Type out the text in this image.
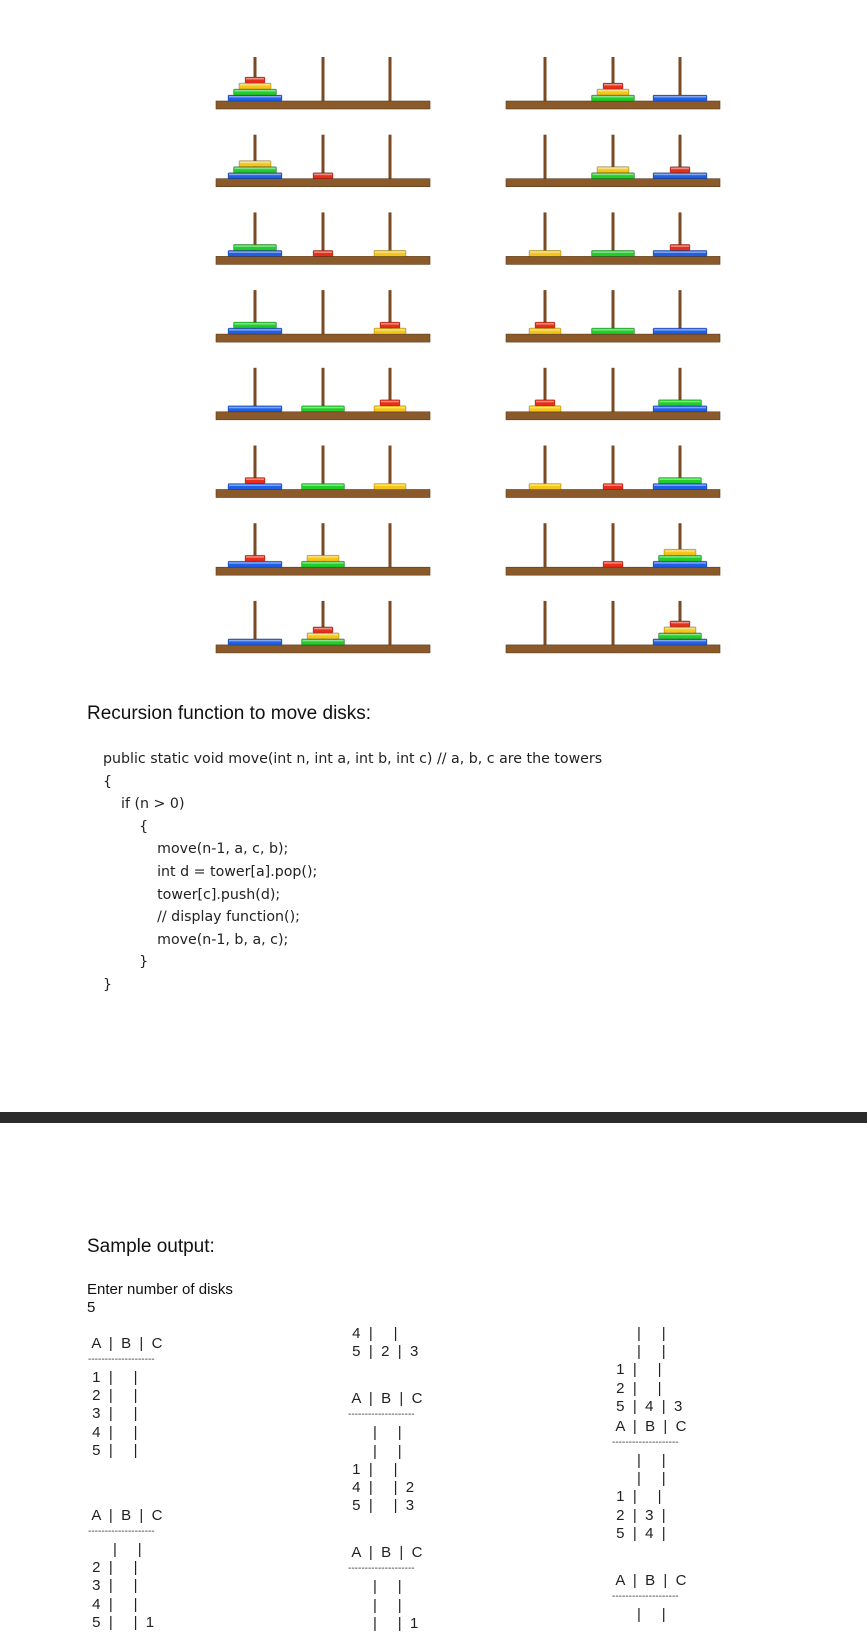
Recursion function to move disks:
public static void move(int n, int a, int b, int c) // a, b, c are the towers
{
if (n > 0)
{
move(n-1, a, c, b);
int d = tower[a].pop();
tower[c].push(d);
// display function();
move(n-1, b, a, c);
}
}
Sample output:
Enter number of disks
5
A  |  B  |  C
--------------------
1  |     |
2  |     |
3  |     |
4  |     |
5  |     |
A  |  B  |  C
--------------------
|     |
2  |     |
3  |     |
4  |     |
5  |     |  1
4  |     |
5  |  2  |  3
A  |  B  |  C
--------------------
|     |
|     |
1  |     |
4  |     |  2
5  |     |  3
A  |  B  |  C
--------------------
|     |
|     |
|     |  1
|     |
|     |
1  |     |
2  |     |
5  |  4  |  3
A  |  B  |  C
--------------------
|     |
|     |
1  |     |
2  |  3  |
5  |  4  |
A  |  B  |  C
--------------------
|     |
